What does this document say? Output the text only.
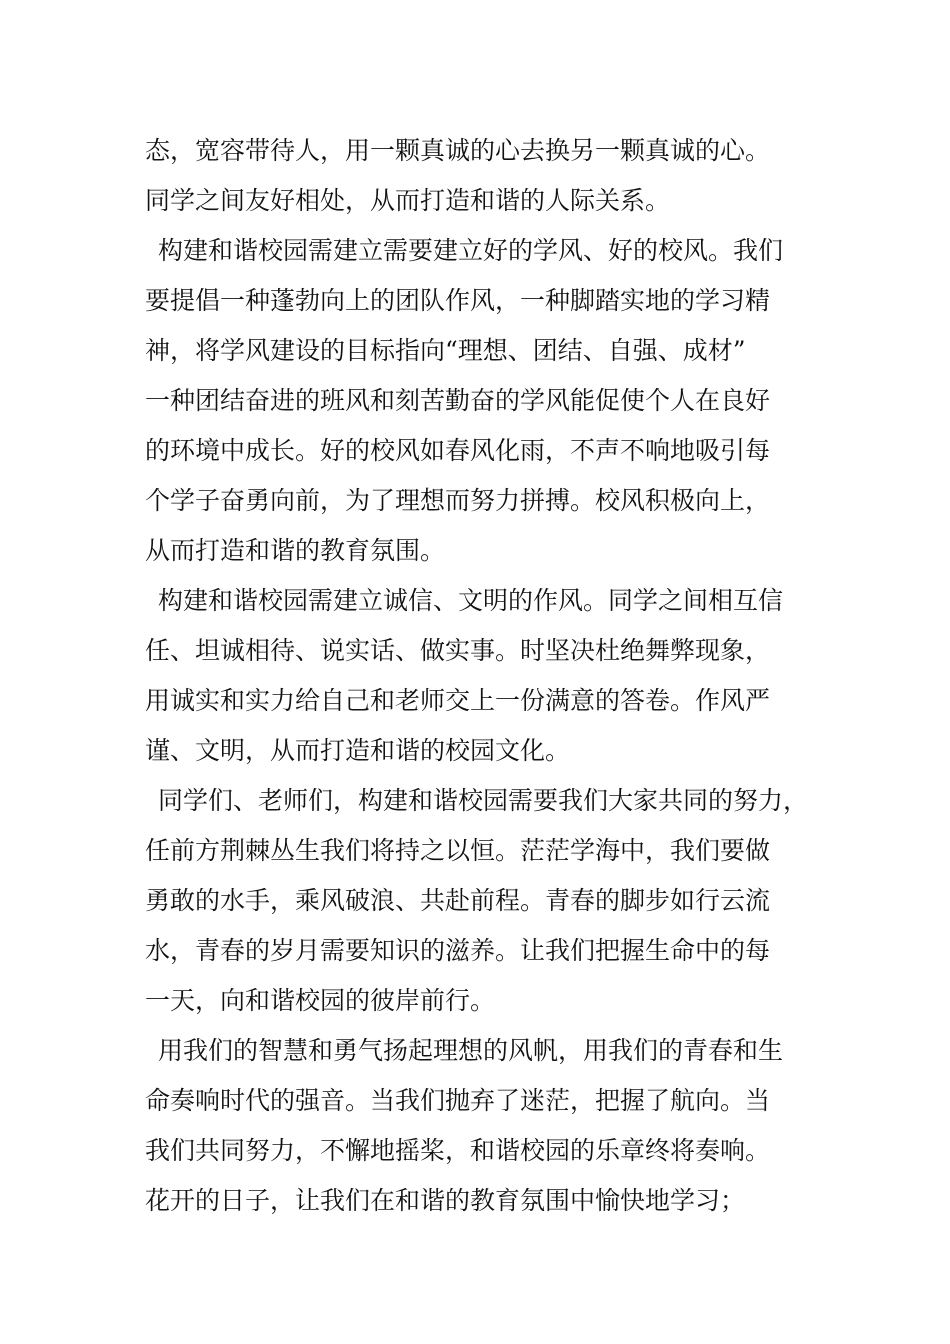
态，宽容带待人，用一颗真诚的心去换另一颗真诚的心。
同学之间友好相处，从而打造和谐的人际关系。
构建和谐校园需建立需要建立好的学风、好的校风。我们
要提倡一种蓬勃向上的团队作风，一种脚踏实地的学习精
神，将学风建设的目标指向“理想、团结、自强、成材”
一种团结奋进的班风和刻苦勤奋的学风能促使个人在良好
的环境中成长。好的校风如春风化雨，不声不响地吸引每
个学子奋勇向前，为了理想而努力拼搏。校风积极向上，
从而打造和谐的教育氛围。
构建和谐校园需建立诚信、文明的作风。同学之间相互信
任、坦诚相待、说实话、做实事。时坚决杜绝舞弊现象，
用诚实和实力给自己和老师交上一份满意的答卷。作风严
谨、文明，从而打造和谐的校园文化。
同学们、老师们，构建和谐校园需要我们大家共同的努力，
任前方荆棘丛生我们将持之以恒。茫茫学海中，我们要做
勇敢的水手，乘风破浪、共赴前程。青春的脚步如行云流
水，青春的岁月需要知识的滋养。让我们把握生命中的每
一天，向和谐校园的彼岸前行。
用我们的智慧和勇气扬起理想的风帆，用我们的青春和生
命奏响时代的强音。当我们抛弃了迷茫，把握了航向。当
我们共同努力，不懈地摇桨，和谐校园的乐章终将奏响。
花开的日子，让我们在和谐的教育氛围中愉快地学习；
